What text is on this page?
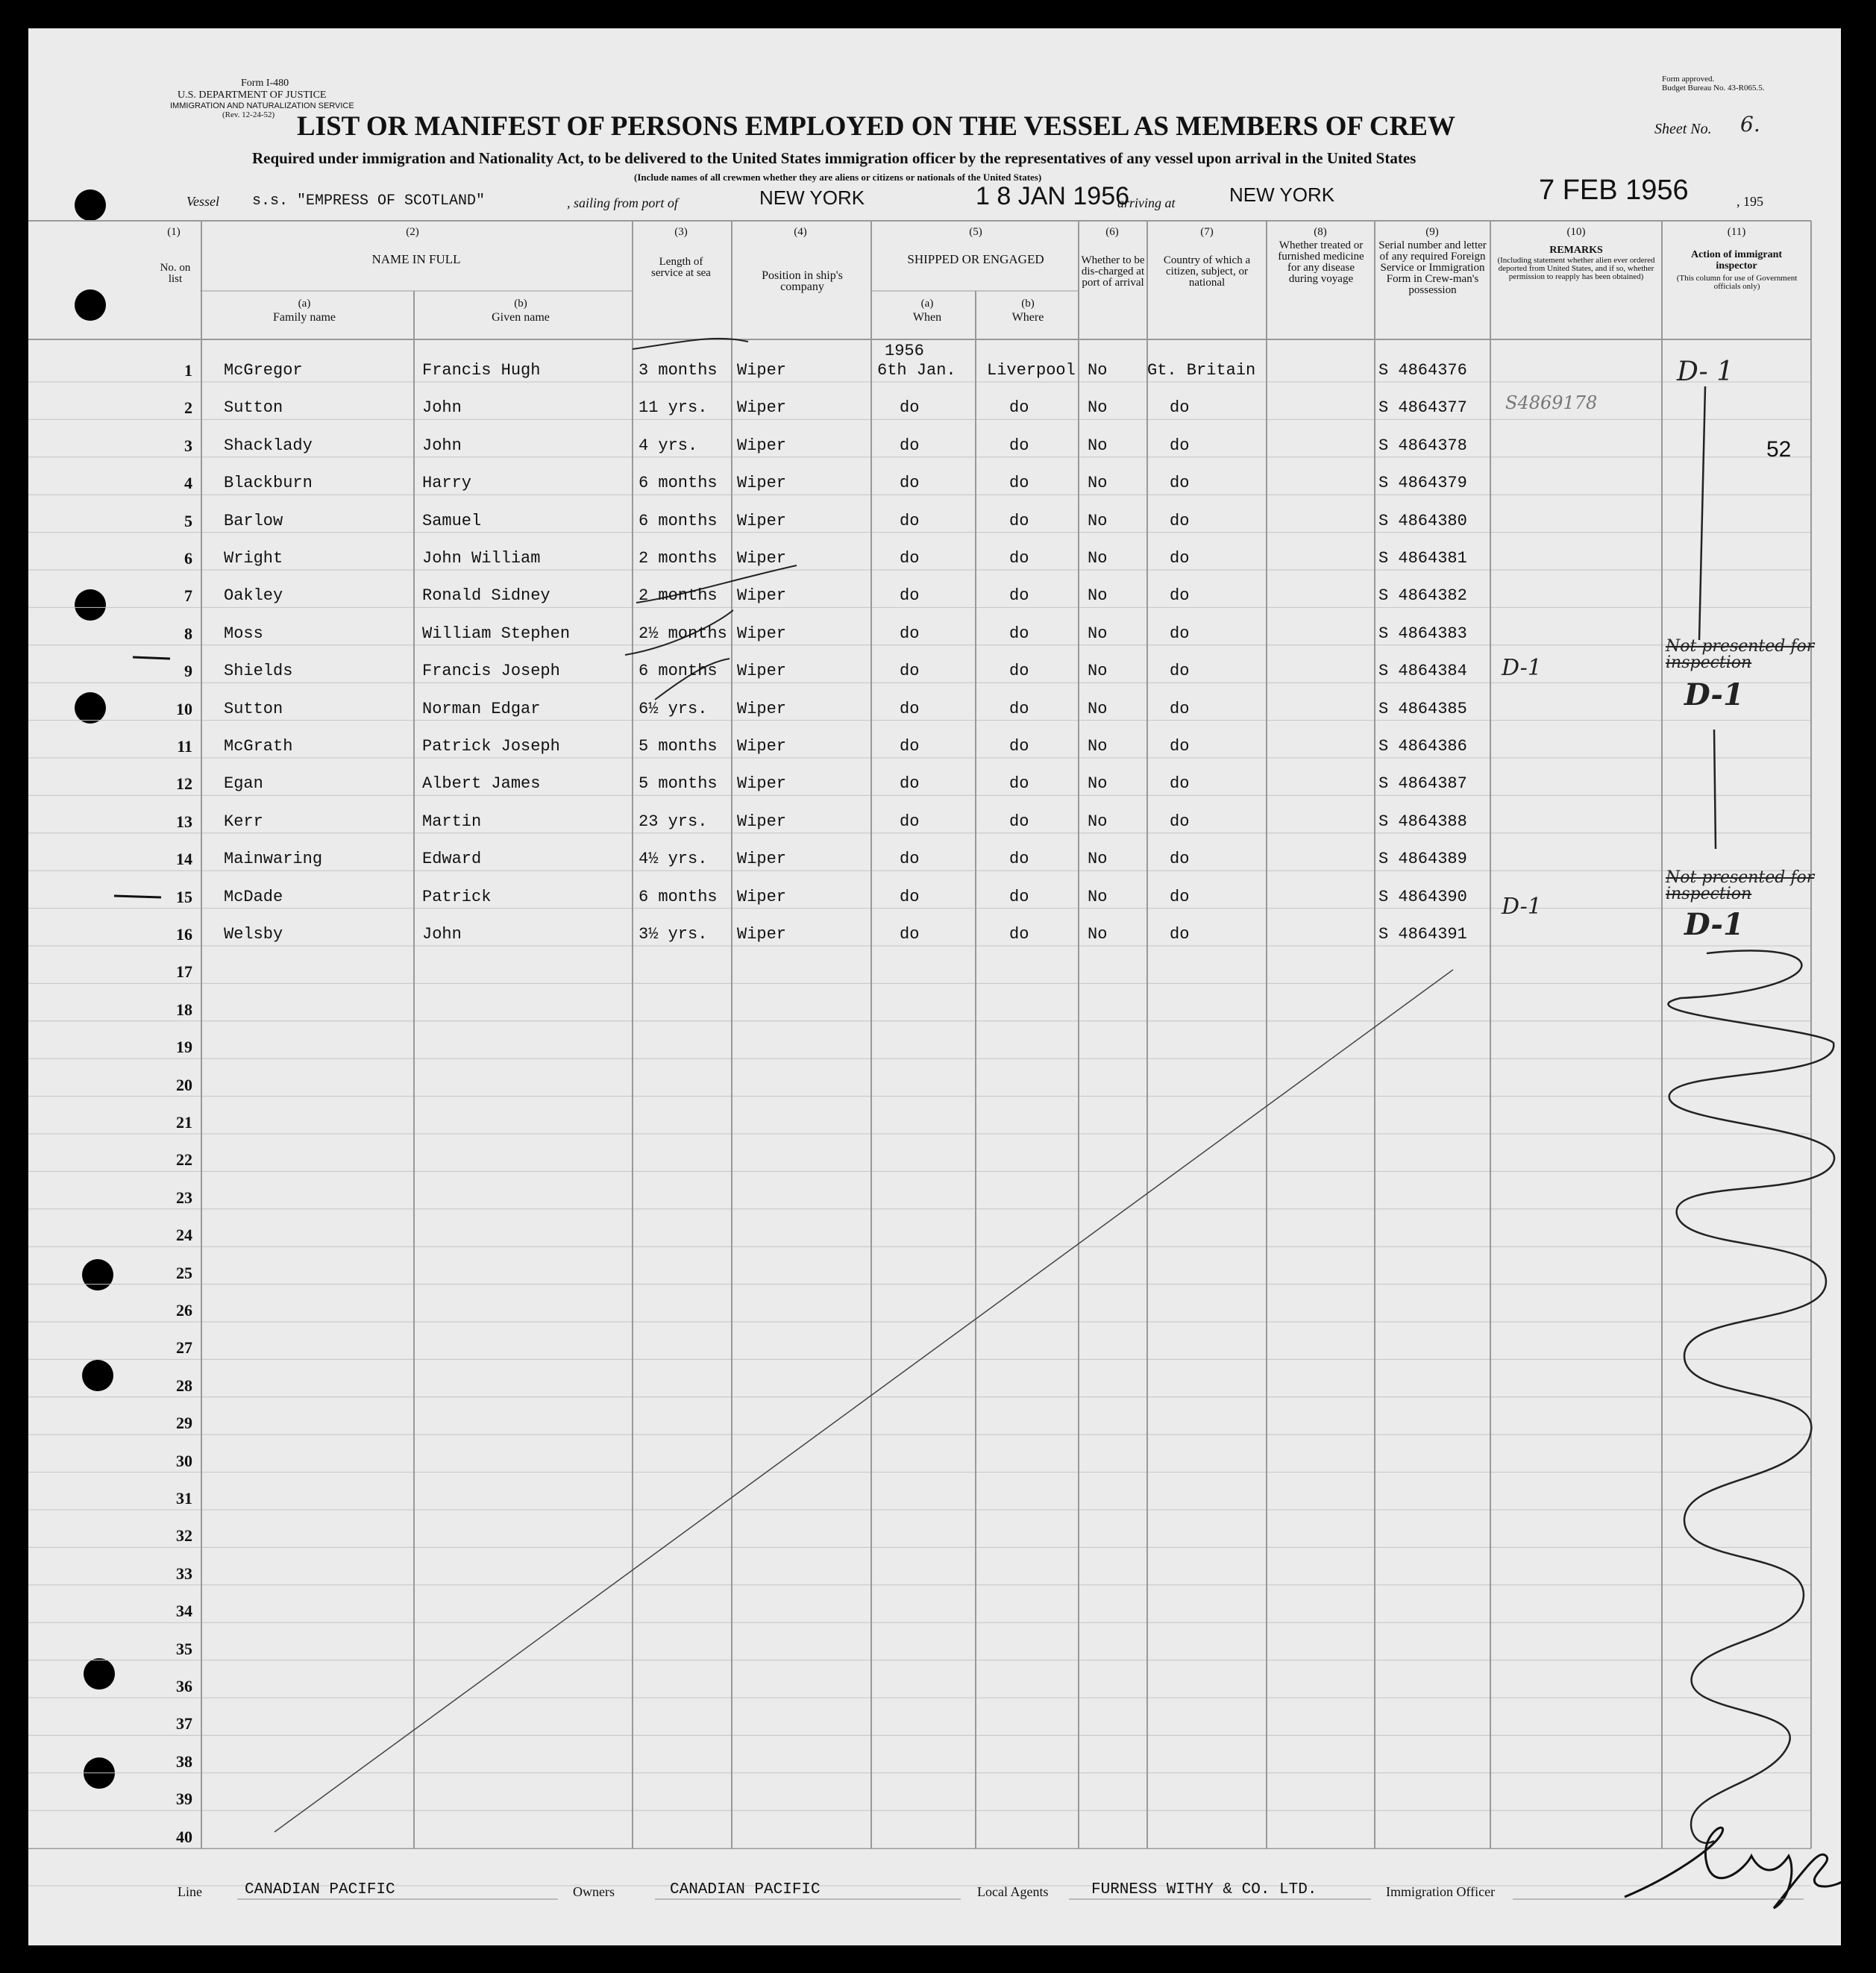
Form I-480
U.S. DEPARTMENT OF JUSTICE
IMMIGRATION AND NATURALIZATION SERVICE
(Rev. 12-24-52)
Form approved.
Budget Bureau No. 43-R065.5.
LIST OR MANIFEST OF PERSONS EMPLOYED ON THE VESSEL AS MEMBERS OF CREW	Sheet No. 6.
Required under immigration and Nationality Act, to be delivered to the United States immigration officer by the representatives of any vessel upon arrival in the United States
(Include names of all crewmen whether they are aliens or citizens or nationals of the United States)
Vessel s.s. "EMPRESS OF SCOTLAND"	, sailing from port of	NEW YORK	1 8 JAN 1956
arriving at	NEW YORK	7 FEB 1956	, 195
(1)
No. on list
(2)
NAME IN FULL
(a)
Family name
(b)
Given name
(3)
Length of service at sea
(4)
Position in ship's company
(5)
SHIPPED OR ENGAGED
(a)
When
(b)
Where
(6)
Whether to be dis-charged at port of arrival
(7)
Country of which a citizen, subject, or national
(8)
Whether treated or furnished medicine for any disease during voyage
(9)
Serial number and letter of any required Foreign Service or Immigration Form in Crew-man's possession
(10)
REMARKS
(Including statement whether alien ever ordered deported from United States, and if so, whether permission to reapply has been obtained)
(11)
Action of immigrant inspector
(This column for use of Government officials only)
1956
S4869178
D-1
D-1
D- 1
52
Not presented for inspection
D-1
Not presented for inspection
D-1
Line	CANADIAN PACIFIC	Owners	CANADIAN PACIFIC	Local Agents	FURNESS WITHY & CO. LTD.	Immigration Officer
1 McGregor	Francis Hugh	3 months Wiper	6th Jan. Liverpool No Gt. Britain	S 4864376
2 Sutton	John	11 yrs. Wiper	do	do	No	do	S 4864377
3 Shacklady	John	4 yrs. Wiper	do	do	No	do	S 4864378
4 Blackburn	Harry	6 months Wiper	do	do	No	do	S 4864379
5 Barlow	Samuel	6 months Wiper	do	do	No	do	S 4864380
6 Wright	John William	2 months Wiper	do	do	No	do	S 4864381
7 Oakley	Ronald Sidney	2 months Wiper	do	do	No	do	S 4864382
8 Moss	William Stephen	2½ months Wiper	do	do	No	do	S 4864383
9 Shields	Francis Joseph	6 months Wiper	do	do	No	do	S 4864384
10 Sutton	Norman Edgar	6½ yrs. Wiper	do	do	No	do	S 4864385
11 McGrath	Patrick Joseph	5 months Wiper	do	do	No	do	S 4864386
12 Egan	Albert James	5 months Wiper	do	do	No	do	S 4864387
13 Kerr	Martin	23 yrs. Wiper	do	do	No	do	S 4864388
14 Mainwaring	Edward	4½ yrs. Wiper	do	do	No	do	S 4864389
15 McDade	Patrick	6 months Wiper	do	do	No	do	S 4864390
16 Welsby	John	3½ yrs. Wiper	do	do	No	do	S 4864391
17
18
19
20
21
22
23
24
25
26
27
28
29
30
31
32
33
34
35
36
37
38
39
40
